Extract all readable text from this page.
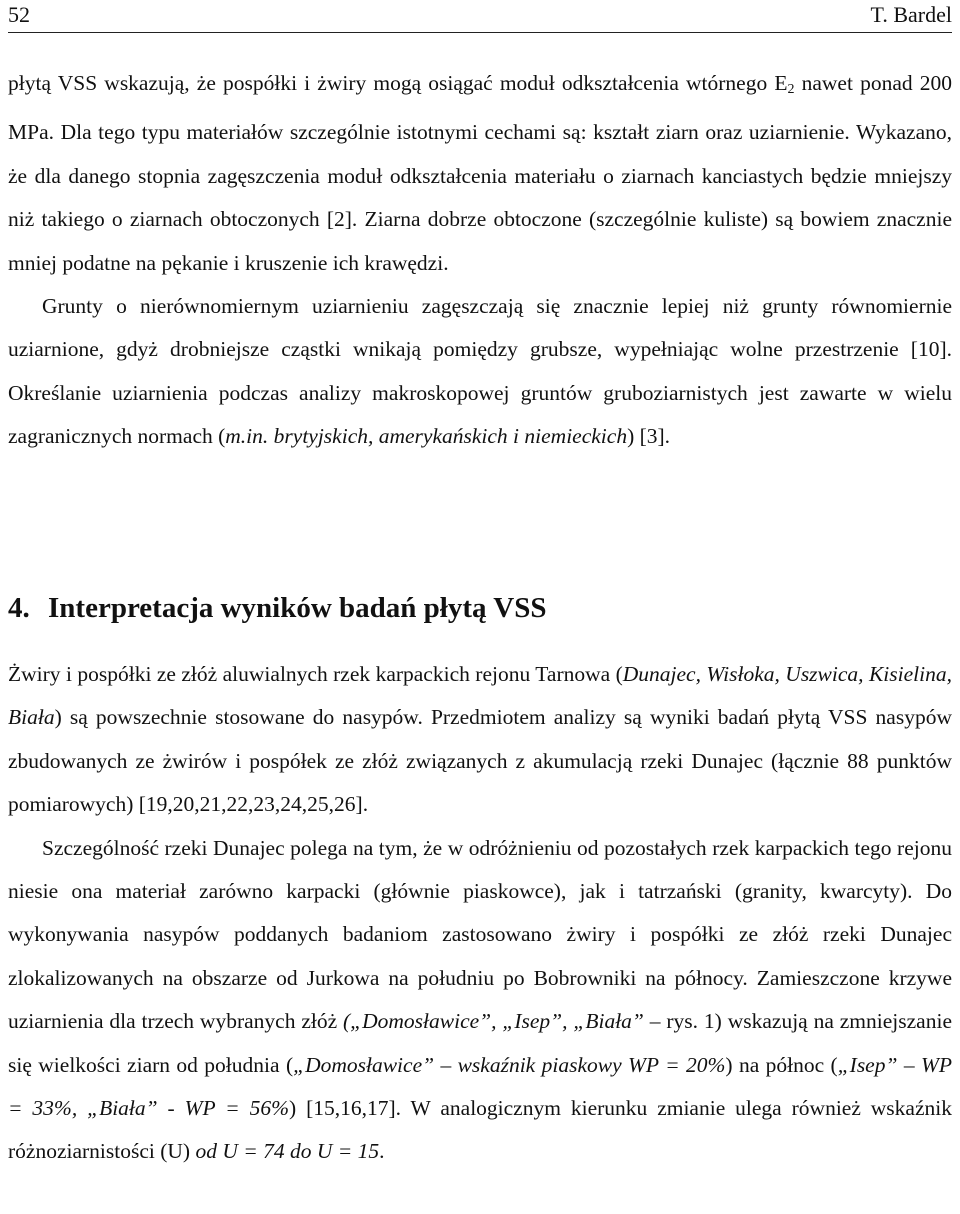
52	T. Bardel

płytą VSS wskazują, że pospółki i żwiry mogą osiągać moduł odkształcenia wtórnego $E_2$ nawet ponad 200 MPa. Dla tego typu materiałów szczególnie istotnymi cechami są: kształt ziarn oraz uziarnienie. Wykazano, że dla danego stopnia zagęszczenia moduł odkształcenia materiału o ziarnach kanciastych będzie mniejszy niż takiego o ziarnach obtoczonych [2]. Ziarna dobrze obtoczone (szczególnie kuliste) są bowiem znacznie mniej podatne na pękanie i kruszenie ich krawędzi.

Grunty o nierównomiernym uziarnieniu zagęszczają się znacznie lepiej niż grunty równomiernie uziarnione, gdyż drobniejsze cząstki wnikają pomiędzy grubsze, wypełniając wolne przestrzenie [10]. Określanie uziarnienia podczas analizy makroskopowej gruntów gruboziarnistych jest zawarte w wielu zagranicznych normach (m.in. brytyjskich, amerykańskich i niemieckich) [3].

4. Interpretacja wyników badań płytą VSS

Żwiry i pospółki ze złóż aluwialnych rzek karpackich rejonu Tarnowa (Dunajec, Wisłoka, Uszwica, Kisielina, Biała) są powszechnie stosowane do nasypów. Przedmiotem analizy są wyniki badań płytą VSS nasypów zbudowanych ze żwirów i pospółek ze złóż związanych z akumulacją rzeki Dunajec (łącznie 88 punktów pomiarowych) [19,20,21,22,23,24,25,26].

Szczególność rzeki Dunajec polega na tym, że w odróżnieniu od pozostałych rzek karpackich tego rejonu niesie ona materiał zarówno karpacki (głównie piaskowce), jak i tatrzański (granity, kwarcyty). Do wykonywania nasypów poddanych badaniom zastosowano żwiry i pospółki ze złóż rzeki Dunajec zlokalizowanych na obszarze od Jurkowa na południu po Bobrowniki na północy. Zamieszczone krzywe uziarnienia dla trzech wybranych złóż („Domosławice”, „Isep”, „Biała” – rys. 1) wskazują na zmniejszanie się wielkości ziarn od południa („Domosławice” – wskaźnik piaskowy WP = 20%) na północ („Isep” – WP = 33%, „Biała” - WP = 56%) [15,16,17]. W analogicznym kierunku zmianie ulega również wskaźnik różnoziarnistości (U) od U = 74 do U = 15.
